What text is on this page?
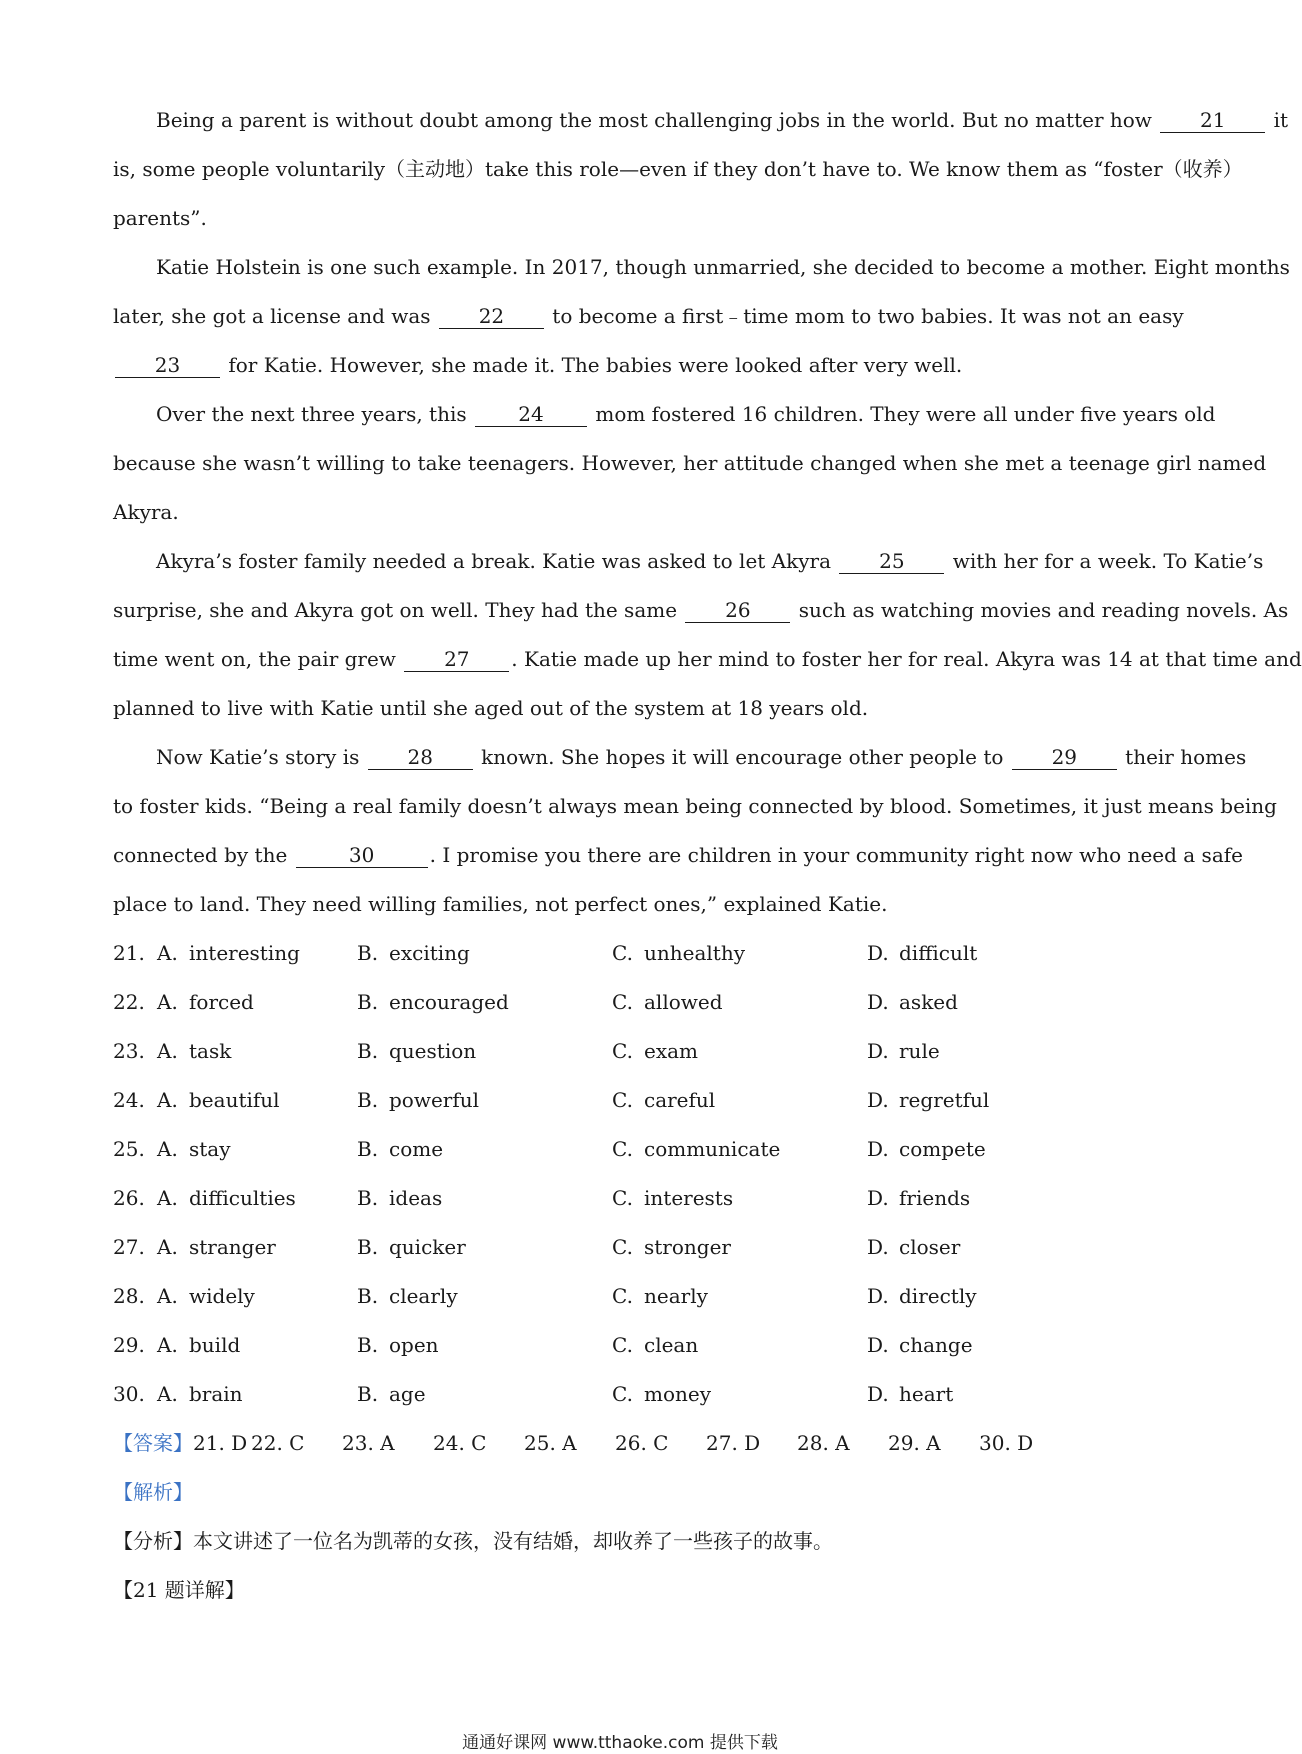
Being a parent is without doubt among the most challenging jobs in the world. But no matter how 21 it
is, some people voluntarily（主动地）take this role—even if they don’t have to. We know them as “foster（收养）
parents”.
Katie Holstein is one such example. In 2017, though unmarried, she decided to become a mother. Eight months
later, she got a license and was 22 to become a first﹣time mom to two babies. It was not an easy
23 for Katie. However, she made it. The babies were looked after very well.
Over the next three years, this 24 mom fostered 16 children. They were all under five years old
because she wasn’t willing to take teenagers. However, her attitude changed when she met a teenage girl named
Akyra.
Akyra’s foster family needed a break. Katie was asked to let Akyra 25 with her for a week. To Katie’s
surprise, she and Akyra got on well. They had the same 26 such as watching movies and reading novels. As
time went on, the pair grew 27 . Katie made up her mind to foster her for real. Akyra was 14 at that time and
planned to live with Katie until she aged out of the system at 18 years old.
Now Katie’s story is 28 known. She hopes it will encourage other people to 29 their homes
to foster kids. “Being a real family doesn’t always mean being connected by blood. Sometimes, it just means being
connected by the	30	. I promise you there are children in your community right now who need a safe
place to land. They need willing families, not perfect ones,” explained Katie.
21. A. interesting	B. exciting	C. unhealthy	D. difficult
22. A. forced	B. encouraged	C. allowed	D. asked
23. A. task	B. question	C. exam	D. rule
24. A. beautiful	B. powerful	C. careful	D. regretful
25. A. stay	B. come	C. communicate	D. compete
26. A. difficulties	B. ideas	C. interests	D. friends
27. A. stranger	B. quicker	C. stronger	D. closer
28. A. widely	B. clearly	C. nearly	D. directly
29. A. build	B. open	C. clean	D. change
30. A. brain	B. age	C. money	D. heart
【答案】 21. D 22. C	23. A	24. C	25. A	26. C	27. D	28. A	29. A	30. D
【解析】
【分析】本文讲述了一位名为凯蒂的女孩，没有结婚，却收养了一些孩子的故事。
【21 题详解】
通通好课网 www.tthaoke.com 提供下载
